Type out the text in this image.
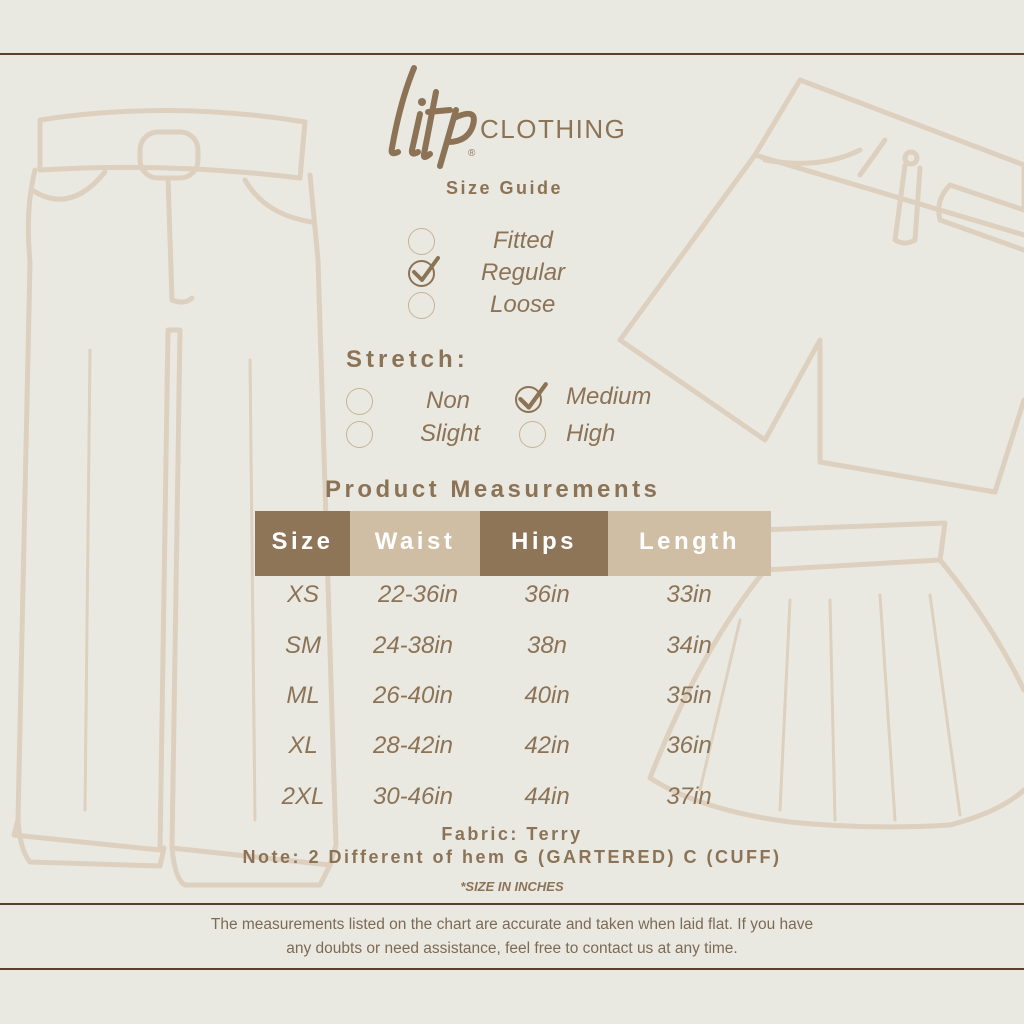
®
CLOTHING
Size Guide
Fitted
Regular
Loose
Stretch:
Non
Slight
Medium
High
Product Measurements
Size	Waist	Hips	Length
XS	22-36in	36in	33in
SM	24-38in	38n	34in
ML	26-40in	40in	35in
XL	28-42in	42in	36in
2XL	30-46in	44in	37in
Fabric: Terry
Note: 2 Different of hem G (GARTERED) C (CUFF)
*SIZE IN INCHES
The measurements listed on the chart are accurate and taken when laid flat. If you have
any doubts or need assistance, feel free to contact us at any time.
